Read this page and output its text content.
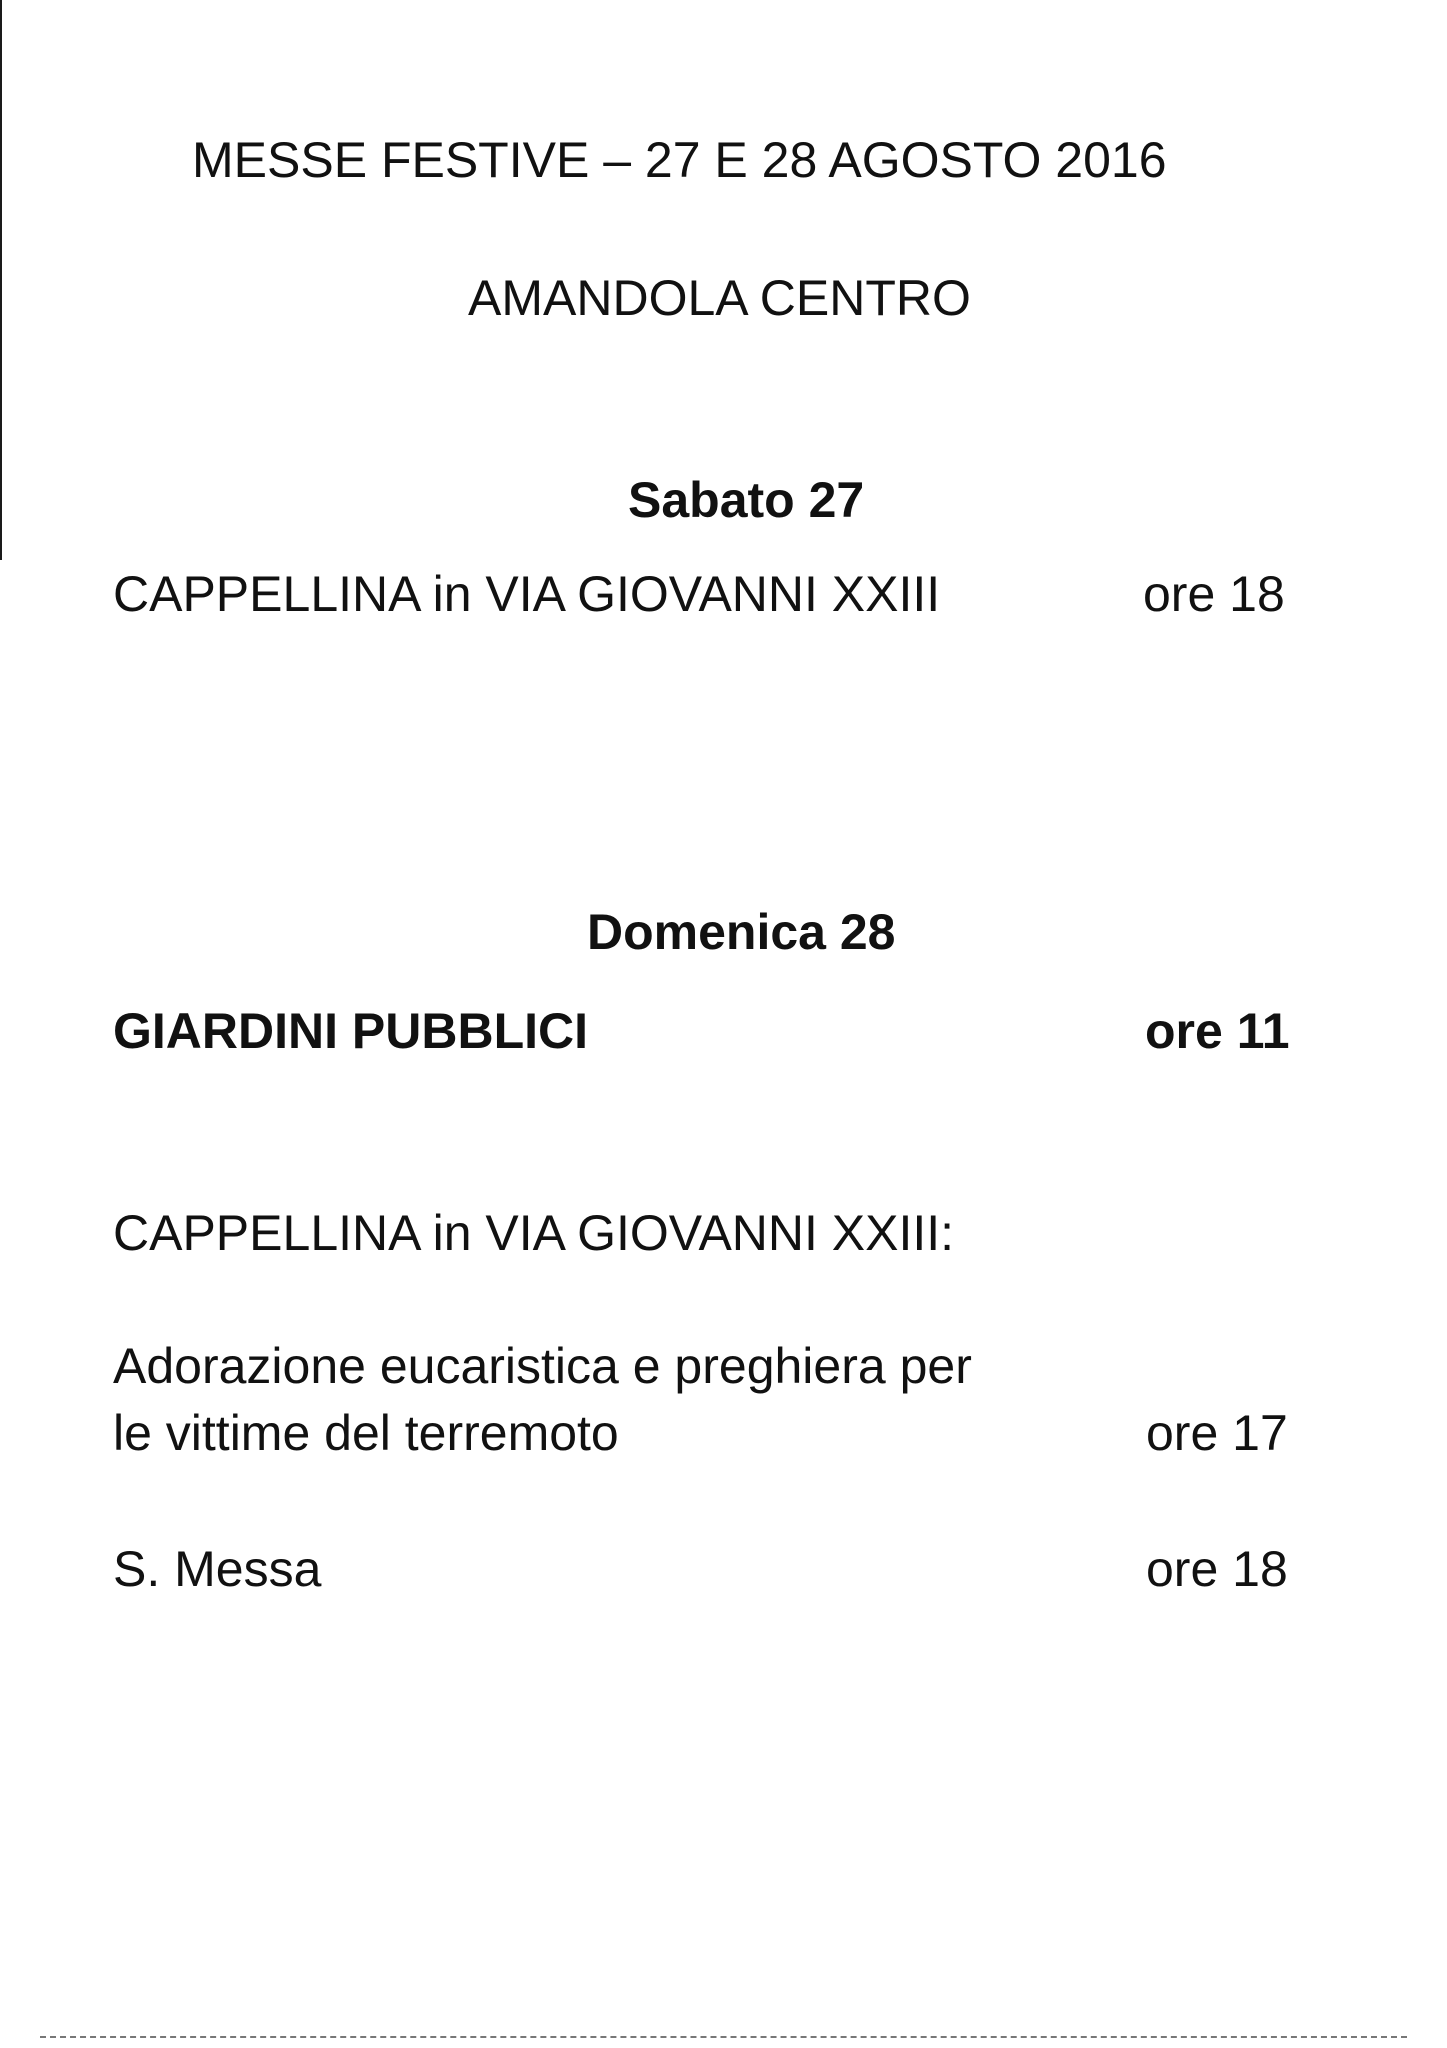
MESSE FESTIVE – 27 E 28 AGOSTO 2016
AMANDOLA CENTRO
Sabato 27
CAPPELLINA in VIA GIOVANNI XXIII	ore 18
Domenica 28
GIARDINI PUBBLICI	ore 11
CAPPELLINA in VIA GIOVANNI XXIII:
Adorazione eucaristica e preghiera per
le vittime del terremoto	ore 17
S. Messa	ore 18
